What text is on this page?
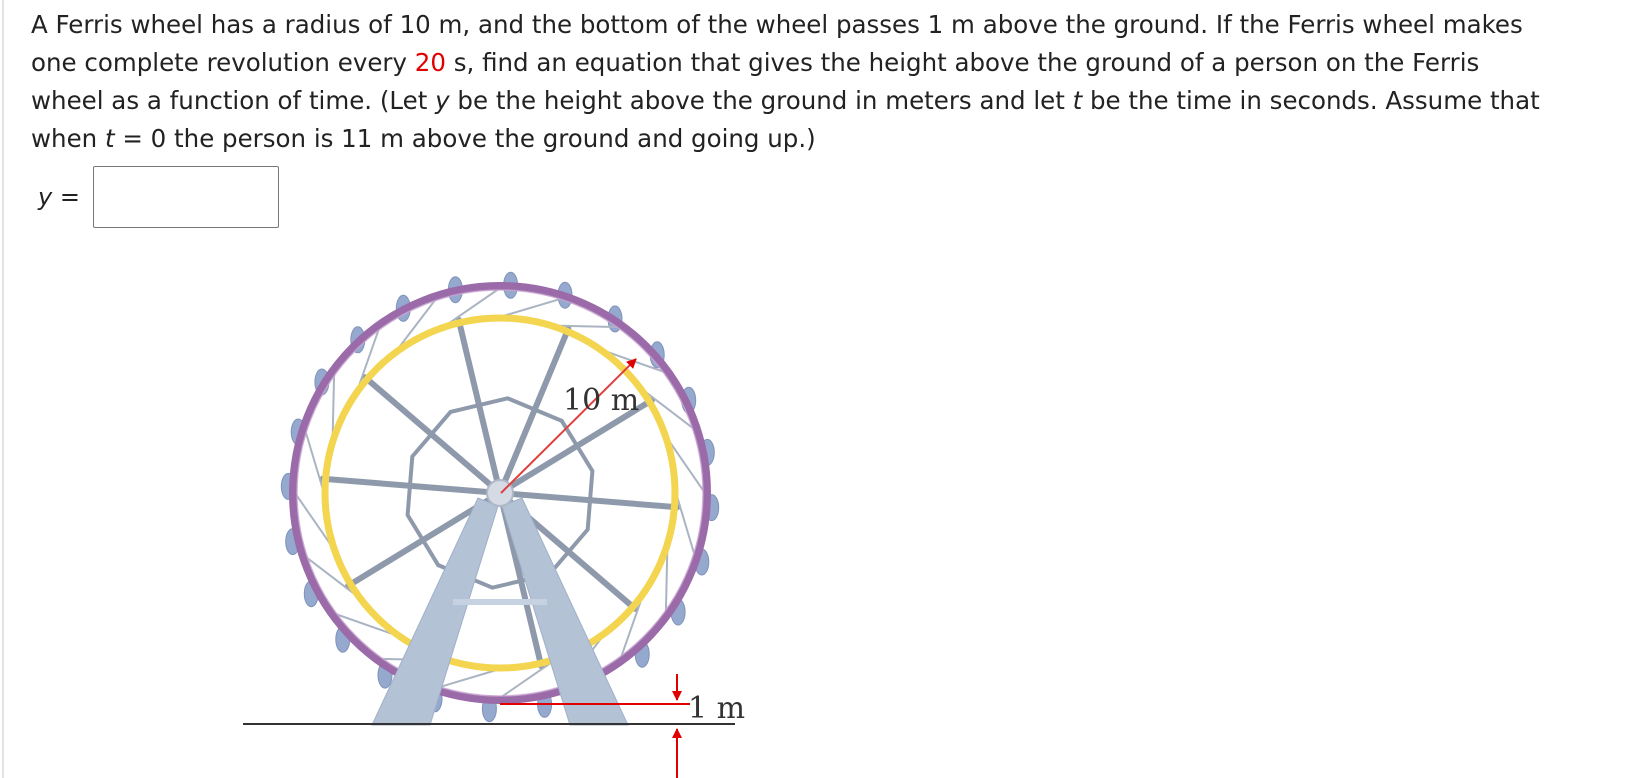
A Ferris wheel has a radius of 10 m, and the bottom of the wheel passes 1 m above the ground. If the Ferris wheel makes
one complete revolution every 20 s, find an equation that gives the height above the ground of a person on the Ferris
wheel as a function of time. (Let y be the height above the ground in meters and let t be the time in seconds. Assume that
when t = 0 the person is 11 m above the ground and going up.)
y =
10 m
1 m
